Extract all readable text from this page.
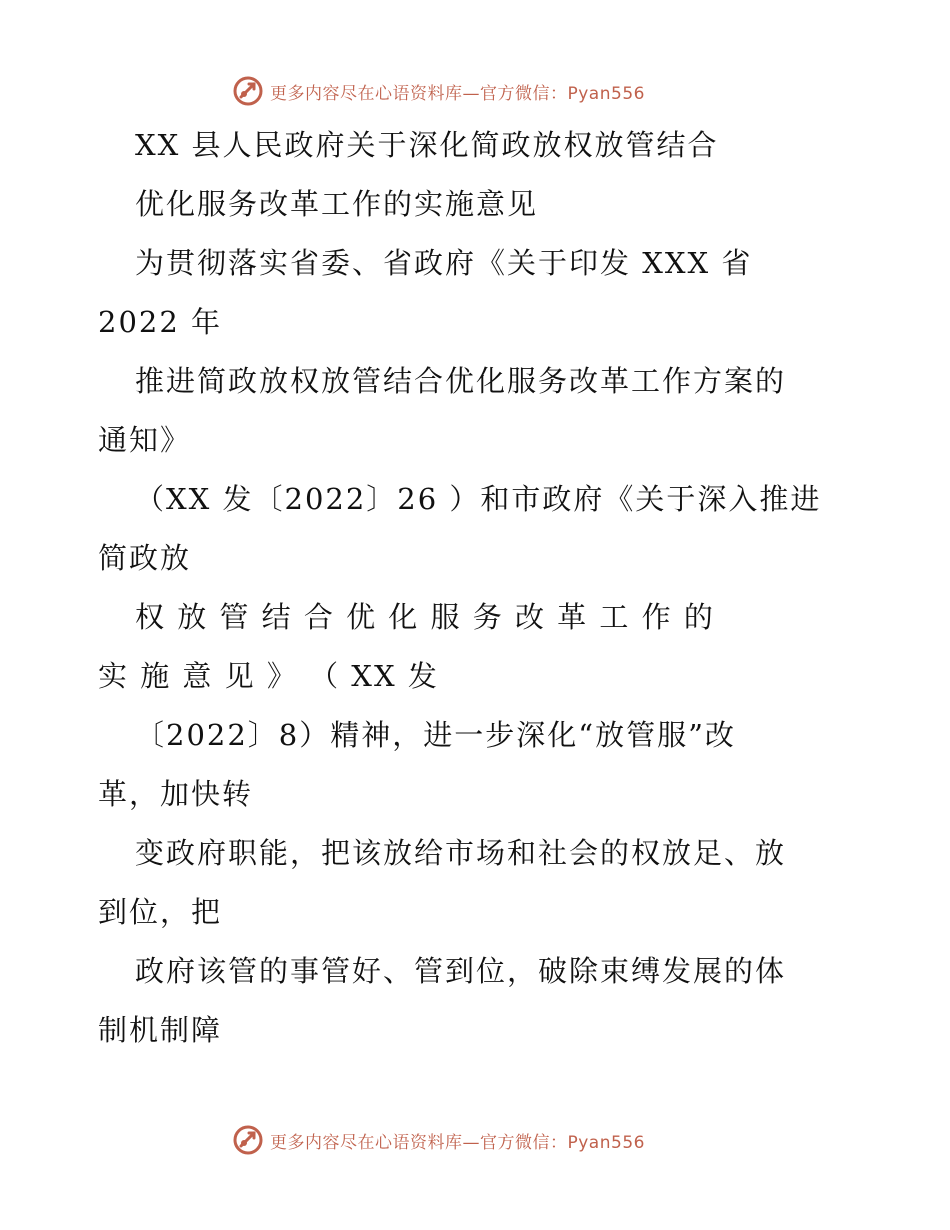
更多内容尽在心语资料库—官方微信：Pyan556
XX 县人民政府关于深化简政放权放管结合
优化服务改革工作的实施意见
为贯彻落实省委、省政府《关于印发 XXX 省
2022 年
推进简政放权放管结合优化服务改革工作方案的
通知》
（XX 发〔2022〕26 ）和市政府《关于深入推进
简政放
权 放 管 结 合 优 化 服 务 改 革 工 作 的
实 施 意 见 》 （ XX 发
〔2022〕8）精神，进一步深化“放管服”改
革，加快转
变政府职能，把该放给市场和社会的权放足、放
到位，把
政府该管的事管好、管到位，破除束缚发展的体
制机制障
更多内容尽在心语资料库—官方微信：Pyan556
